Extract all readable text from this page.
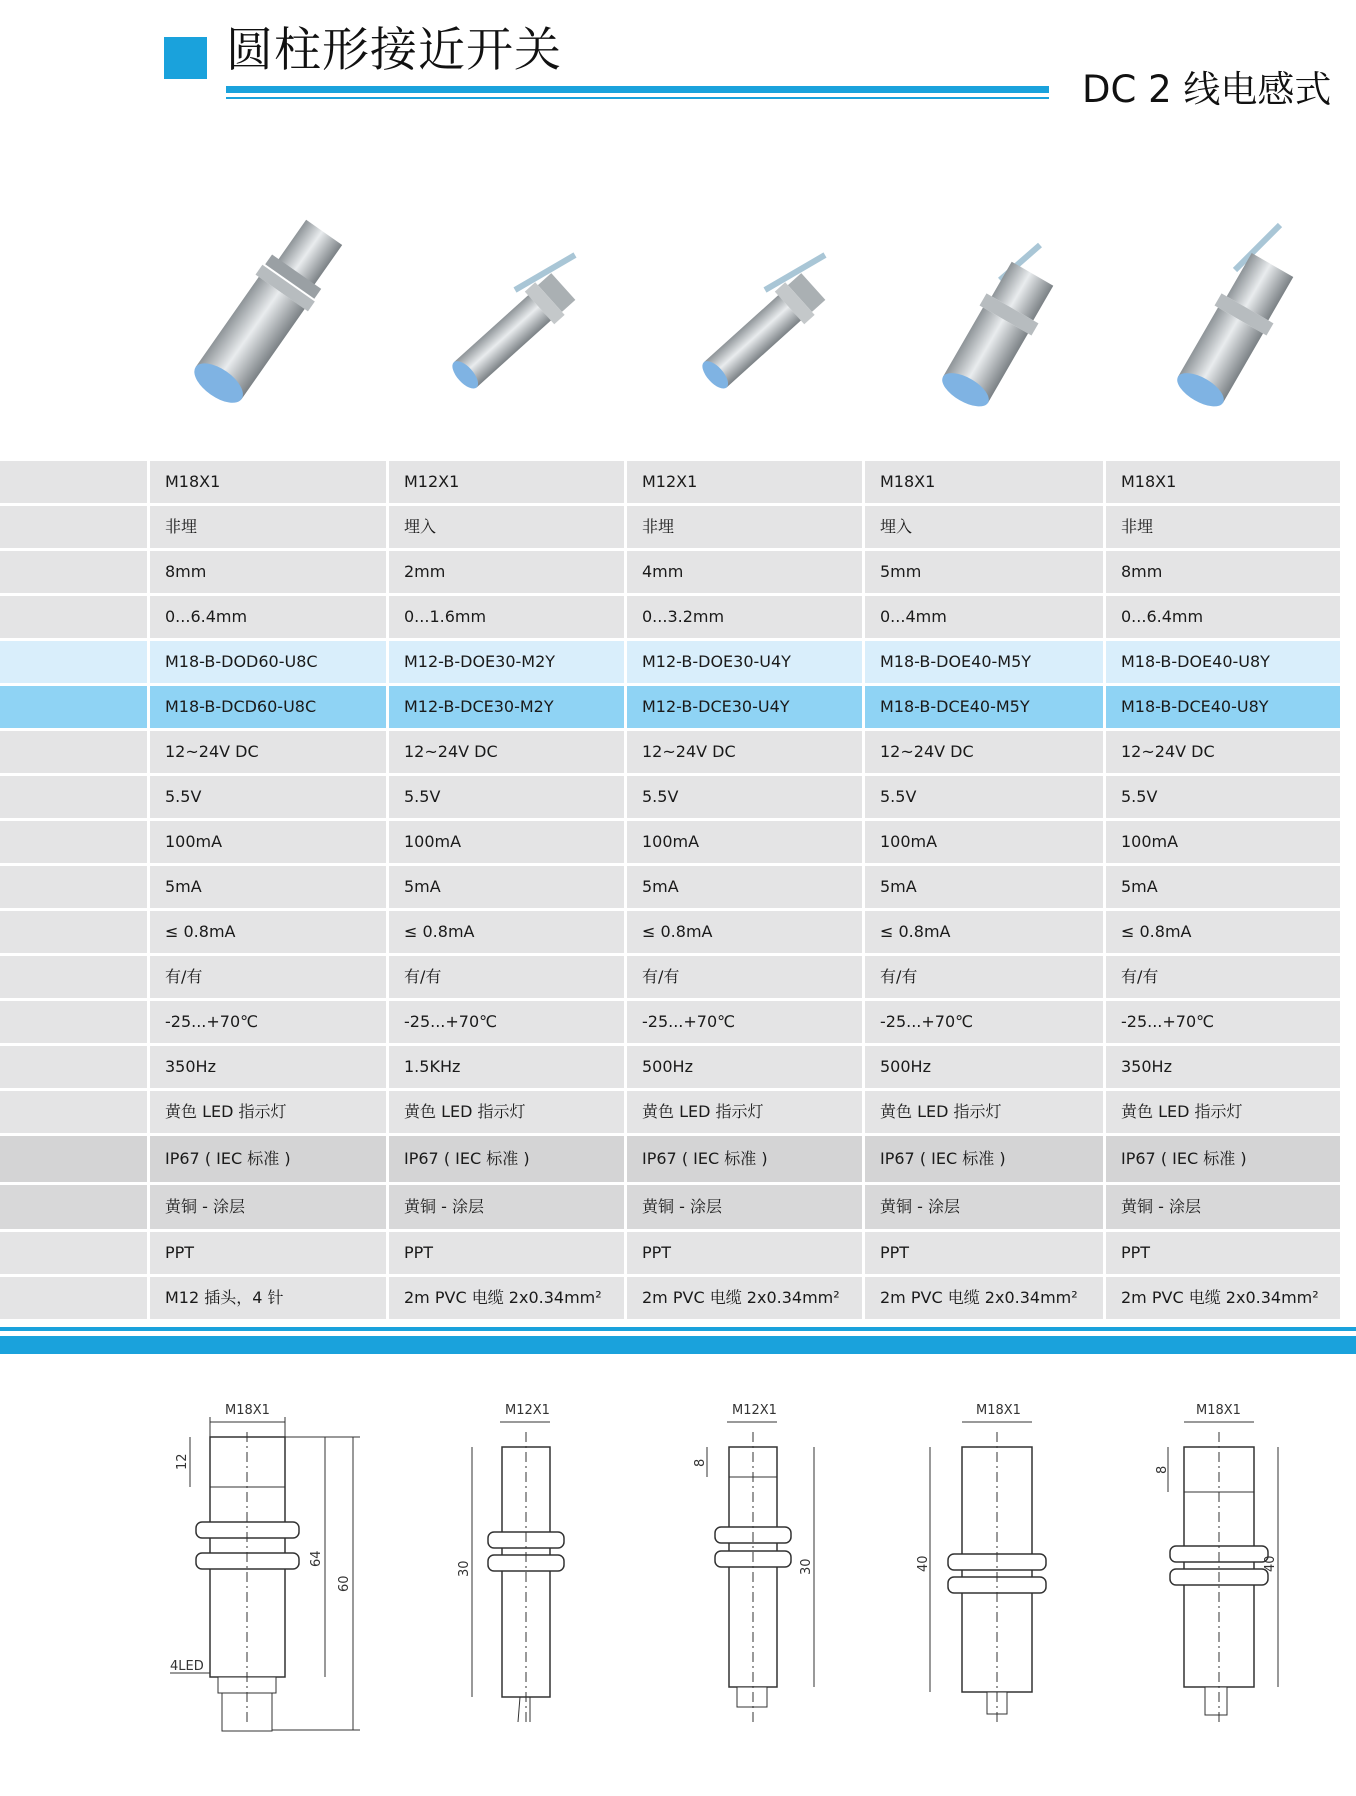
圆柱形接近开关
DC 2 线电感式
M18X1	M12X1	M12X1	M18X1	M18X1
非埋	埋入	非埋	埋入	非埋
8mm	2mm	4mm	5mm	8mm
0...6.4mm	0...1.6mm	0...3.2mm	0...4mm	0...6.4mm
M18-B-DOD60-U8C	M12-B-DOE30-M2Y	M12-B-DOE30-U4Y	M18-B-DOE40-M5Y	M18-B-DOE40-U8Y
M18-B-DCD60-U8C	M12-B-DCE30-M2Y	M12-B-DCE30-U4Y	M18-B-DCE40-M5Y	M18-B-DCE40-U8Y
12~24V DC	12~24V DC	12~24V DC	12~24V DC	12~24V DC
5.5V	5.5V	5.5V	5.5V	5.5V
100mA	100mA	100mA	100mA	100mA
5mA	5mA	5mA	5mA	5mA
≤ 0.8mA	≤ 0.8mA	≤ 0.8mA	≤ 0.8mA	≤ 0.8mA
有/有	有/有	有/有	有/有	有/有
-25...+70℃	-25...+70℃	-25...+70℃	-25...+70℃	-25...+70℃
350Hz	1.5KHz	500Hz	500Hz	350Hz
黄色 LED 指示灯	黄色 LED 指示灯	黄色 LED 指示灯	黄色 LED 指示灯	黄色 LED 指示灯
IP67 ( IEC 标准 )	IP67 ( IEC 标准 )	IP67 ( IEC 标准 )	IP67 ( IEC 标准 )	IP67 ( IEC 标准 )
黄铜 - 涂层	黄铜 - 涂层	黄铜 - 涂层	黄铜 - 涂层	黄铜 - 涂层
PPT	PPT	PPT	PPT	PPT
M12 插头，4 针	2m PVC 电缆 2x0.34mm²	2m PVC 电缆 2x0.34mm²	2m PVC 电缆 2x0.34mm²	2m PVC 电缆 2x0.34mm²
M18X1
12
64
60
4LED
M12X1
30
M12X1
8
30
M18X1
40
M18X1
8
40
